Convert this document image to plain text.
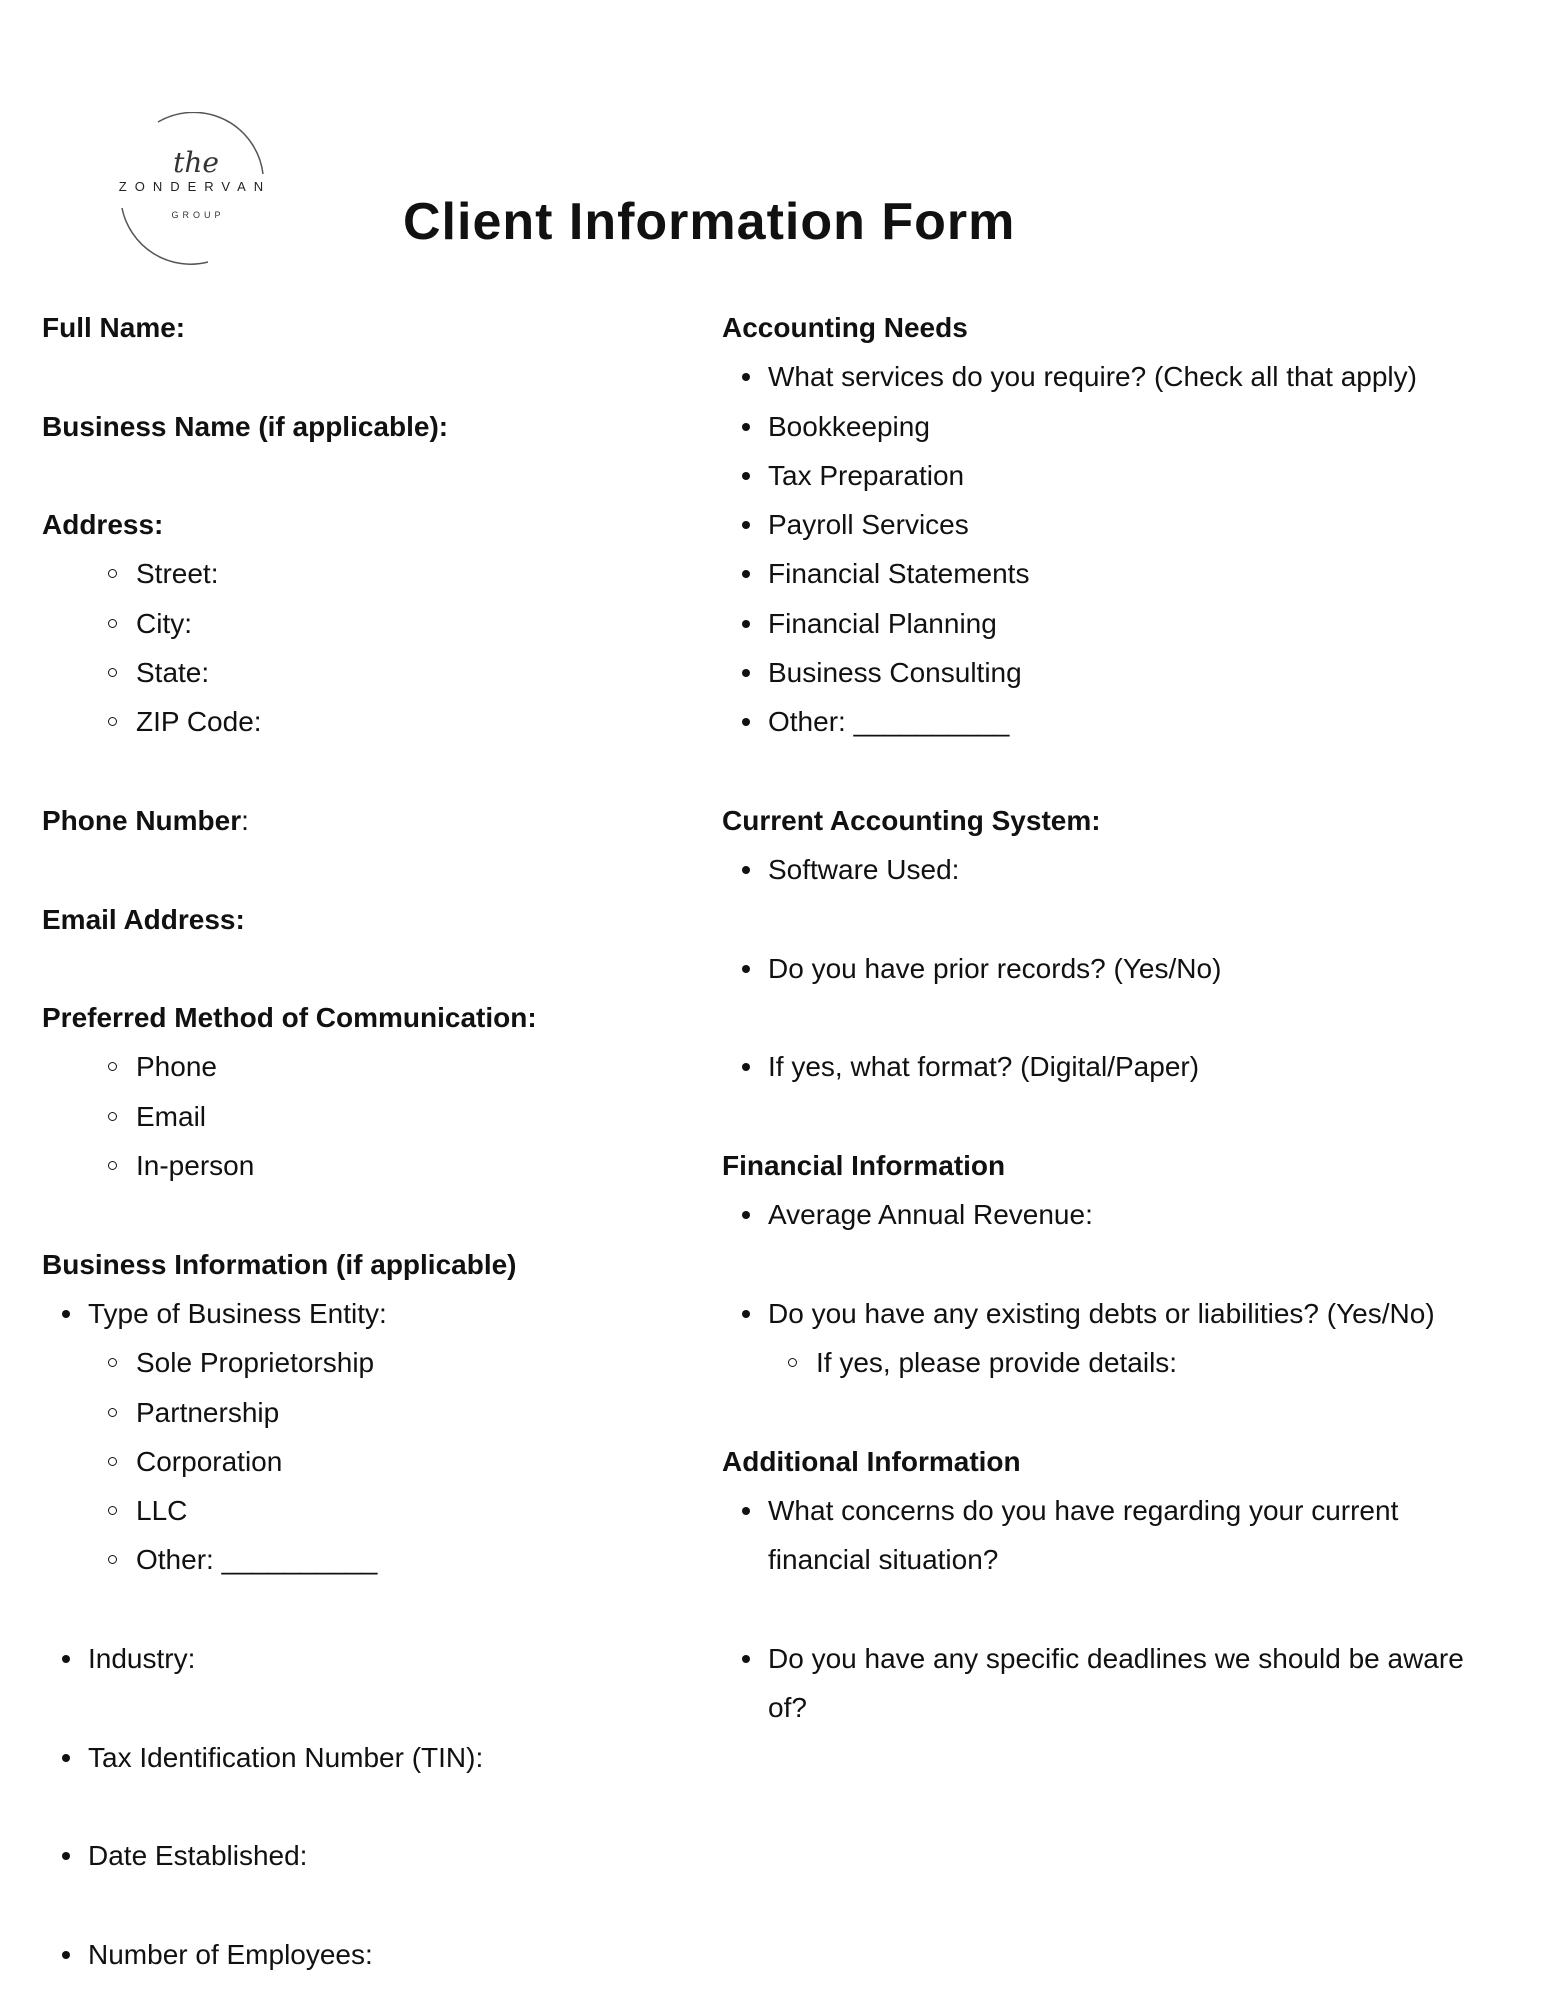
the
ZONDERVAN
GROUP	Client Information Form
Full Name:
Business Name (if applicable):
Address:
Street:
City:
State:
ZIP Code:
Phone Number:
Email Address:
Preferred Method of Communication:
Phone
Email
In-person
Business Information (if applicable)
Type of Business Entity:
Sole Proprietorship
Partnership
Corporation
LLC
Other: __________
Industry:
Tax Identification Number (TIN):
Date Established:
Number of Employees:
Accounting Needs
What services do you require? (Check all that apply)
Bookkeeping
Tax Preparation
Payroll Services
Financial Statements
Financial Planning
Business Consulting
Other: __________
Current Accounting System:
Software Used:
Do you have prior records? (Yes/No)
If yes, what format? (Digital/Paper)
Financial Information
Average Annual Revenue:
Do you have any existing debts or liabilities? (Yes/No)
If yes, please provide details:
Additional Information
What concerns do you have regarding your current
financial situation?
Do you have any specific deadlines we should be aware
of?
